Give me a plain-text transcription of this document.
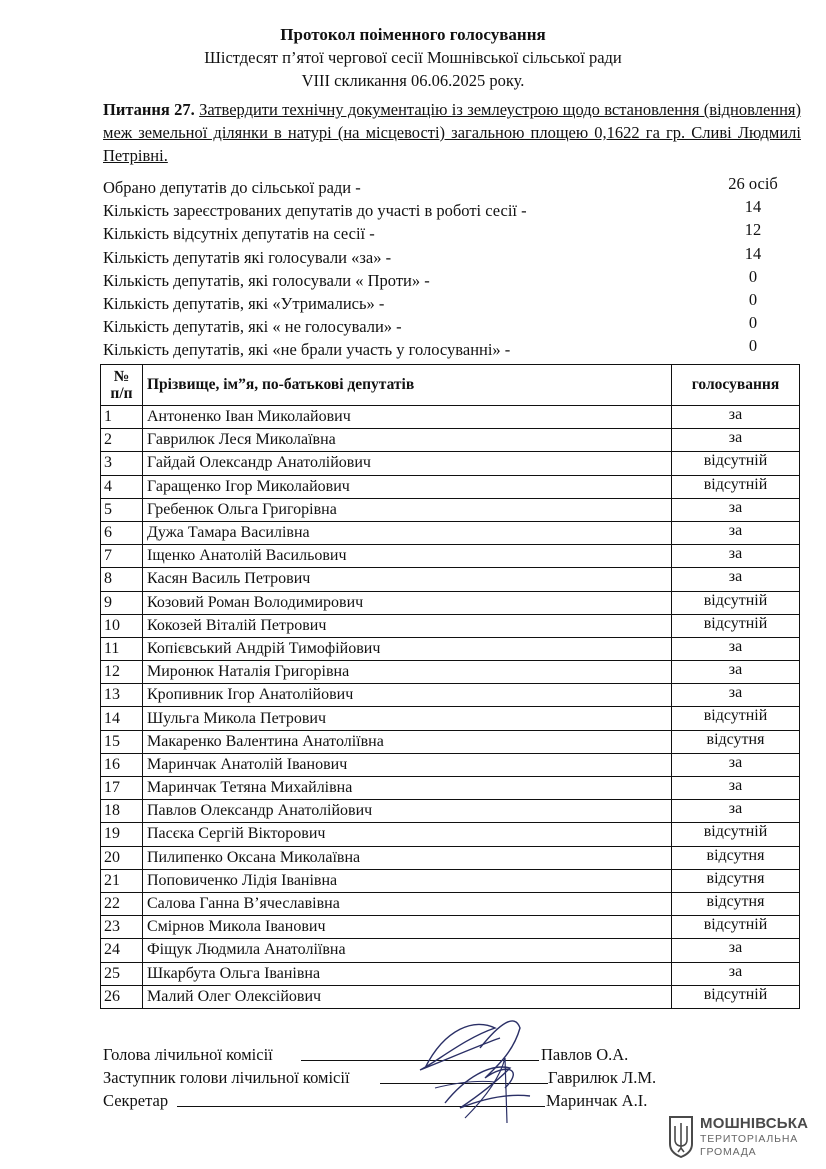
Протокол поіменного голосування
Шістдесят п’ятої чергової сесії Мошнівської сільської ради
VIII скликання 06.06.2025 року.
Питання 27. Затвердити технічну документацію із землеустрою щодо встановлення (відновлення) меж земельної ділянки в натурі (на місцевості) загальною площею 0,1622 га гр. Сливі Людмилі Петрівні.
Обрано депутатів до сільської ради -	26 осіб
Кількість зареєстрованих депутатів до участі в роботі сесії -	14
Кількість відсутніх депутатів на сесії -	12
Кількість депутатів які голосували «за» -	14
Кількість депутатів, які голосували « Проти» -	0
Кількість депутатів, які «Утримались» -	0
Кількість депутатів, які « не голосували» -	0
Кількість депутатів, які «не брали участь у голосуванні» -	0
№
п/п	Прізвище, ім”я, по-батькові депутатів	голосування
1	Антоненко Іван Миколайович	за
2	Гаврилюк Леся Миколаївна	за
3	Гайдай Олександр Анатолійович	відсутній
4	Гаращенко Ігор Миколайович	відсутній
5	Гребенюк Ольга Григорівна	за
6	Дужа Тамара Василівна	за
7	Іщенко Анатолій Васильович	за
8	Касян Василь Петрович	за
9	Козовий Роман Володимирович	відсутній
10	Кокозей Віталій Петрович	відсутній
11	Копієвський Андрій Тимофійович	за
12	Миронюк Наталія Григорівна	за
13	Кропивник Ігор Анатолійович	за
14	Шульга Микола Петрович	відсутній
15	Макаренко Валентина Анатоліївна	відсутня
16	Маринчак Анатолій Іванович	за
17	Маринчак Тетяна Михайлівна	за
18	Павлов Олександр Анатолійович	за
19	Пасєка Сергій Вікторович	відсутній
20	Пилипенко Оксана Миколаївна	відсутня
21	Поповиченко Лідія Іванівна	відсутня
22	Салова Ганна В’ячеславівна	відсутня
23	Смірнов Микола Іванович	відсутній
24	Фіщук Людмила Анатоліївна	за
25	Шкарбута Ольга Іванівна	за
26	Малий Олег Олексійович	відсутній
Голова лічильної комісії	Павлов О.А.
Заступник голови лічильної комісії	Гаврилюк Л.М.
Секретар	Маринчак А.І.
МОШНІВСЬКА
ТЕРИТОРІАЛЬНА
ГРОМАДА
